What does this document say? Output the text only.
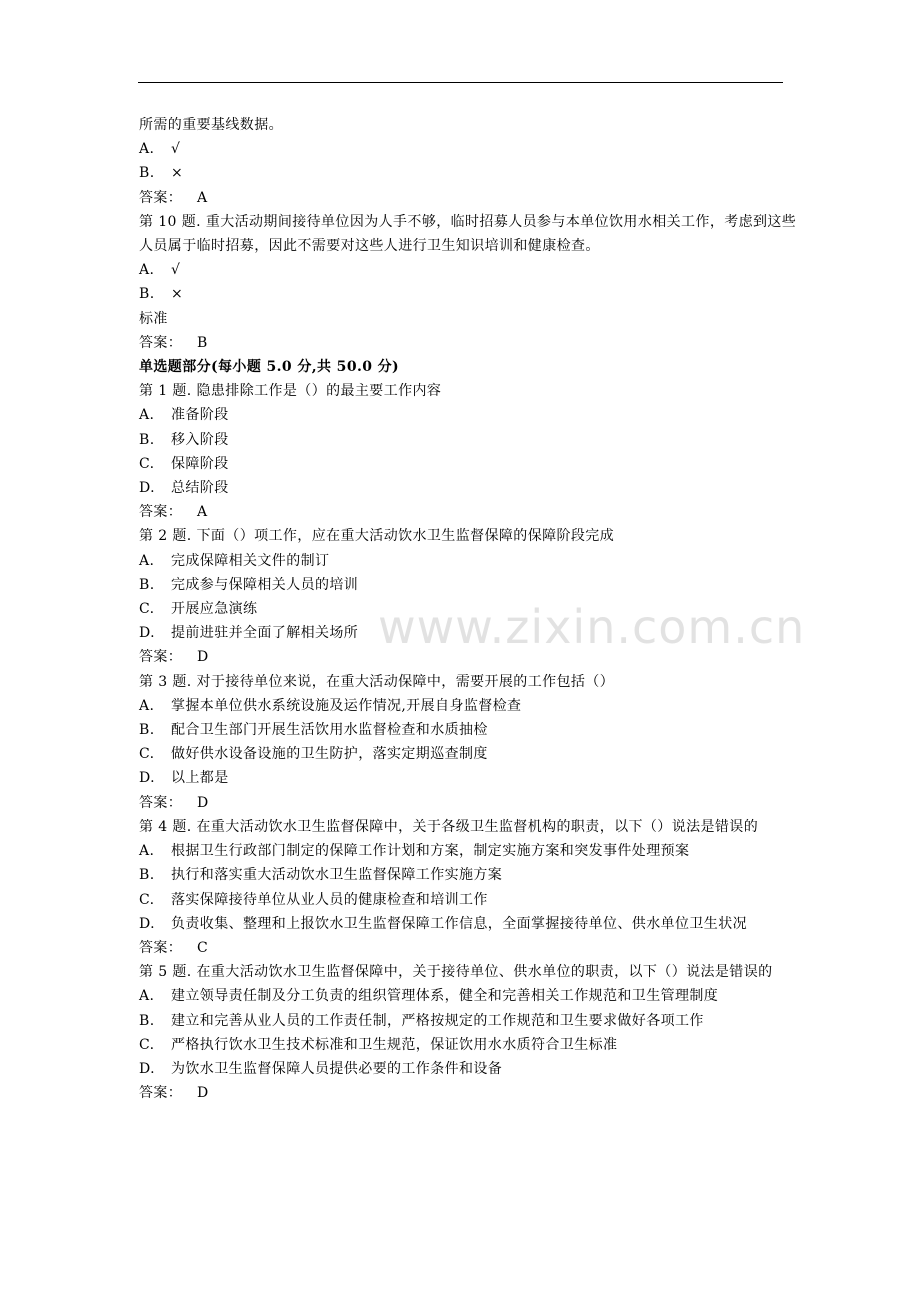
所需的重要基线数据。
A. √
B. ×
答案： A
第 10 题. 重大活动期间接待单位因为人手不够，临时招募人员参与本单位饮用水相关工作，考虑到这些人员属于临时招募，因此不需要对这些人进行卫生知识培训和健康检查。
A. √
B. ×
标准
答案： B
单选题部分(每小题 5.0 分,共 50.0 分)
第 1 题. 隐患排除工作是（）的最主要工作内容
A. 准备阶段
B. 移入阶段
C. 保障阶段
D. 总结阶段
答案： A
第 2 题. 下面（）项工作，应在重大活动饮水卫生监督保障的保障阶段完成
A. 完成保障相关文件的制订
B. 完成参与保障相关人员的培训
C. 开展应急演练
D. 提前进驻并全面了解相关场所
答案： D
第 3 题. 对于接待单位来说，在重大活动保障中，需要开展的工作包括（）
A. 掌握本单位供水系统设施及运作情况,开展自身监督检查
B. 配合卫生部门开展生活饮用水监督检查和水质抽检
C. 做好供水设备设施的卫生防护，落实定期巡查制度
D. 以上都是
答案： D
第 4 题. 在重大活动饮水卫生监督保障中，关于各级卫生监督机构的职责，以下（）说法是错误的
A. 根据卫生行政部门制定的保障工作计划和方案，制定实施方案和突发事件处理预案
B. 执行和落实重大活动饮水卫生监督保障工作实施方案
C. 落实保障接待单位从业人员的健康检查和培训工作
D. 负责收集、整理和上报饮水卫生监督保障工作信息，全面掌握接待单位、供水单位卫生状况
答案： C
第 5 题. 在重大活动饮水卫生监督保障中，关于接待单位、供水单位的职责，以下（）说法是错误的
A. 建立领导责任制及分工负责的组织管理体系，健全和完善相关工作规范和卫生管理制度
B. 建立和完善从业人员的工作责任制，严格按规定的工作规范和卫生要求做好各项工作
C. 严格执行饮水卫生技术标准和卫生规范，保证饮用水水质符合卫生标准
D. 为饮水卫生监督保障人员提供必要的工作条件和设备
答案： D
www.zixin.com.cn
